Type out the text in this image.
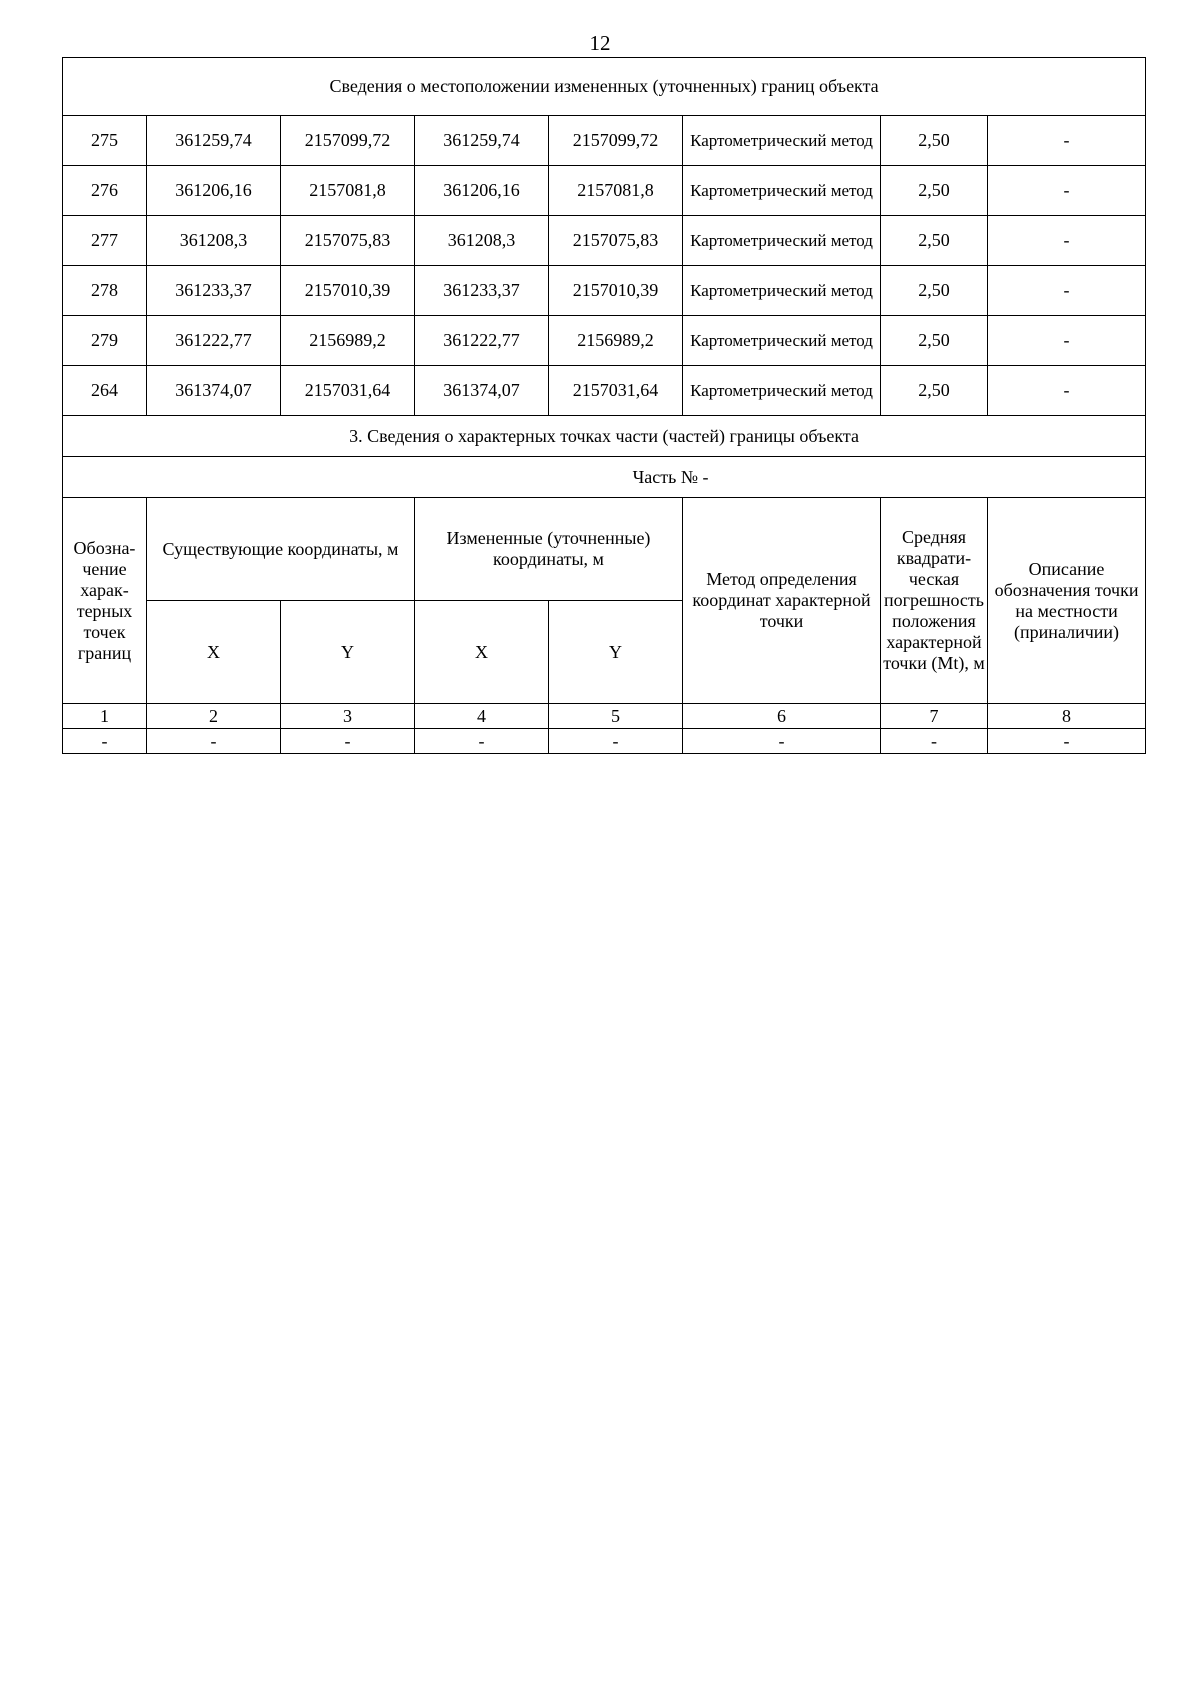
12
Сведения о местоположении измененных (уточненных) границ объекта							
275	361259,74	2157099,72	361259,74	2157099,72	Картометрический метод	2,50	-
276	361206,16	2157081,8	361206,16	2157081,8	Картометрический метод	2,50	-
277	361208,3	2157075,83	361208,3	2157075,83	Картометрический метод	2,50	-
278	361233,37	2157010,39	361233,37	2157010,39	Картометрический метод	2,50	-
279	361222,77	2156989,2	361222,77	2156989,2	Картометрический метод	2,50	-
264	361374,07	2157031,64	361374,07	2157031,64	Картометрический метод	2,50	-
3. Сведения о характерных точках части (частей) границы объекта							
Часть № -							
Обозна-чение харак-терных точек границ	Существующие координаты, м		Измененные (уточненные) координаты, м		Метод определения координат характерной точки	Средняя квадрати-ческая погрешность положения характерной точки (Mt), м	Описание обозначения точки на местности (приналичии)
	X	Y	X	Y			
1	2	3	4	5	6	7	8
-	-	-	-	-	-	-	-
